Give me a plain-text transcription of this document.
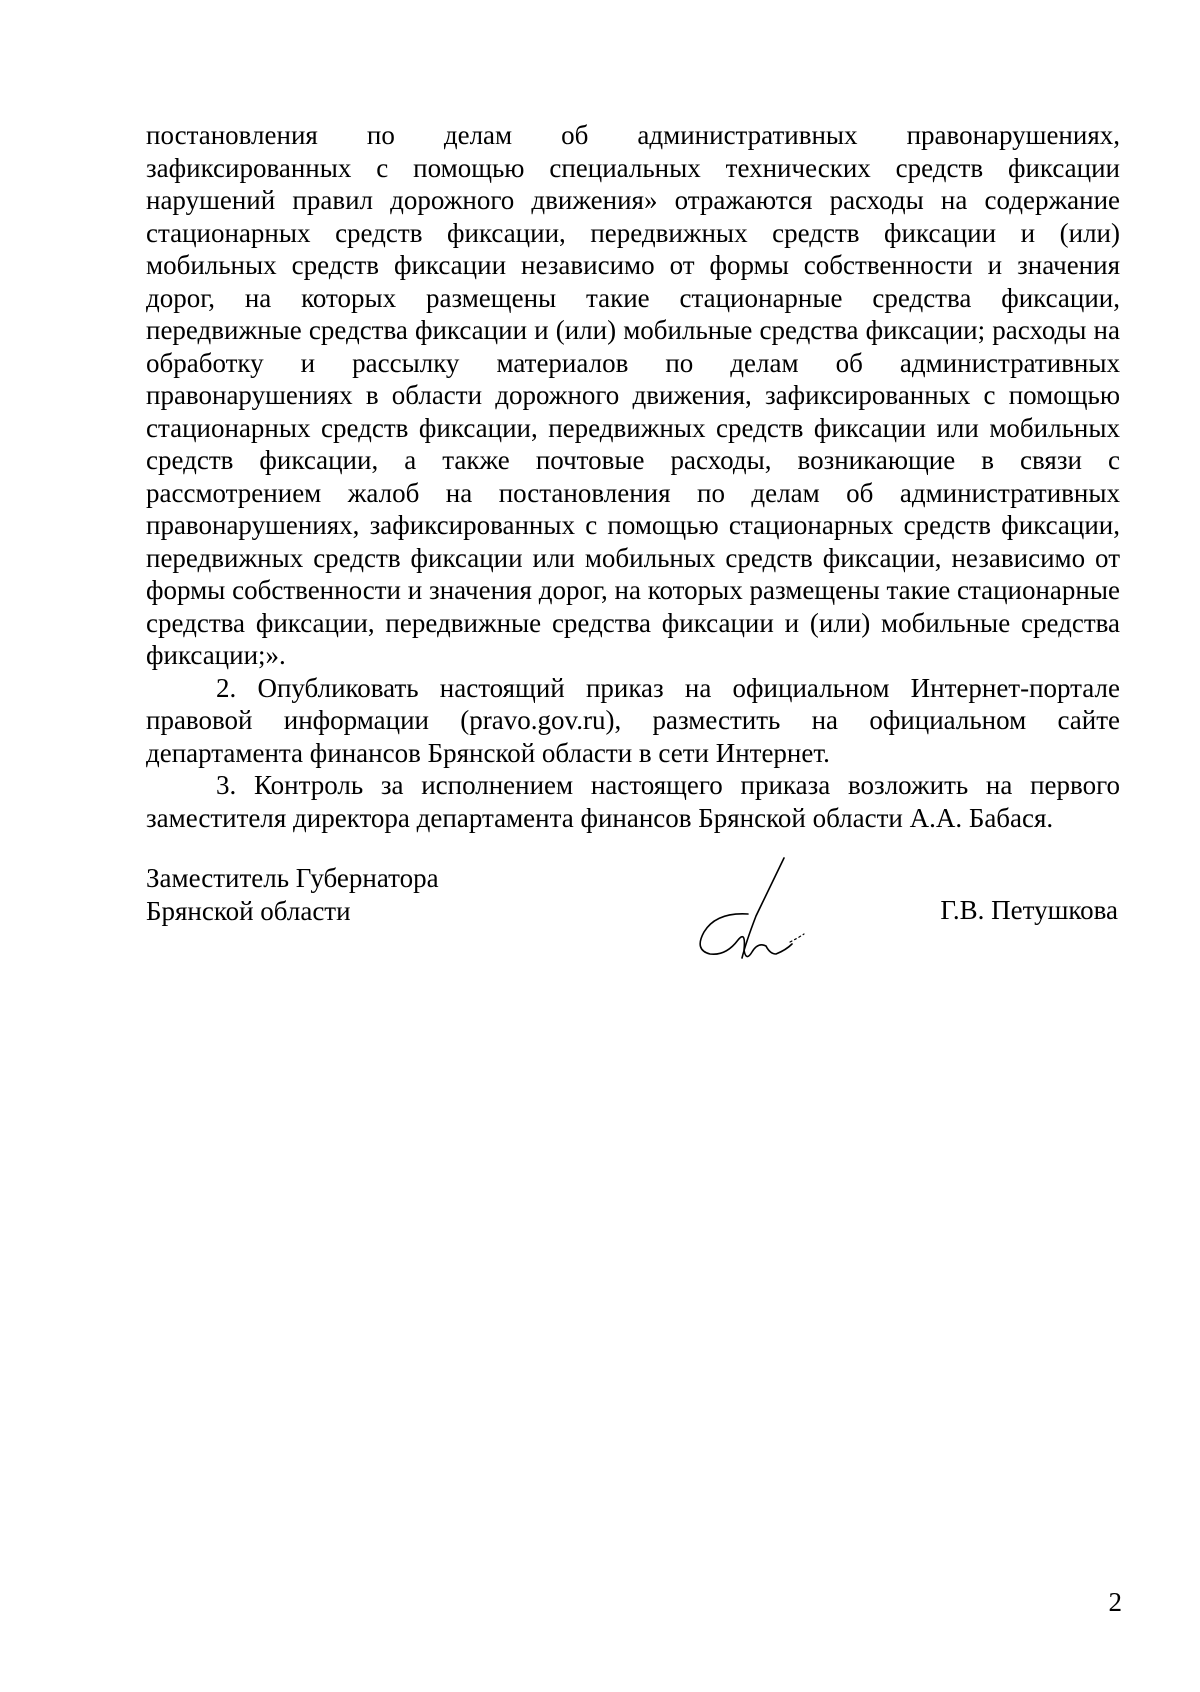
постановления по делам об административных правонарушениях, зафиксированных с помощью специальных технических средств фиксации нарушений правил дорожного движения» отражаются расходы на содержание стационарных средств фиксации, передвижных средств фиксации и (или) мобильных средств фиксации независимо от формы собственности и значения дорог, на которых размещены такие стационарные средства фиксации, передвижные средства фиксации и (или) мобильные средства фиксации; расходы на обработку и рассылку материалов по делам об административных правонарушениях в области дорожного движения, зафиксированных с помощью стационарных средств фиксации, передвижных средств фиксации или мобильных средств фиксации, а также почтовые расходы, возникающие в связи с рассмотрением жалоб на постановления по делам об административных правонарушениях, зафиксированных с помощью стационарных средств фиксации, передвижных средств фиксации или мобильных средств фиксации, независимо от формы собственности и значения дорог, на которых размещены такие стационарные средства фиксации, передвижные средства фиксации и (или) мобильные средства фиксации;».

2. Опубликовать настоящий приказ на официальном Интернет-портале правовой информации (pravo.gov.ru), разместить на официальном сайте департамента финансов Брянской области в сети Интернет.

3. Контроль за исполнением настоящего приказа возложить на первого заместителя директора департамента финансов Брянской области А.А. Бабася.

Заместитель Губернатора
Брянской области	Г.В. Петушкова
2
